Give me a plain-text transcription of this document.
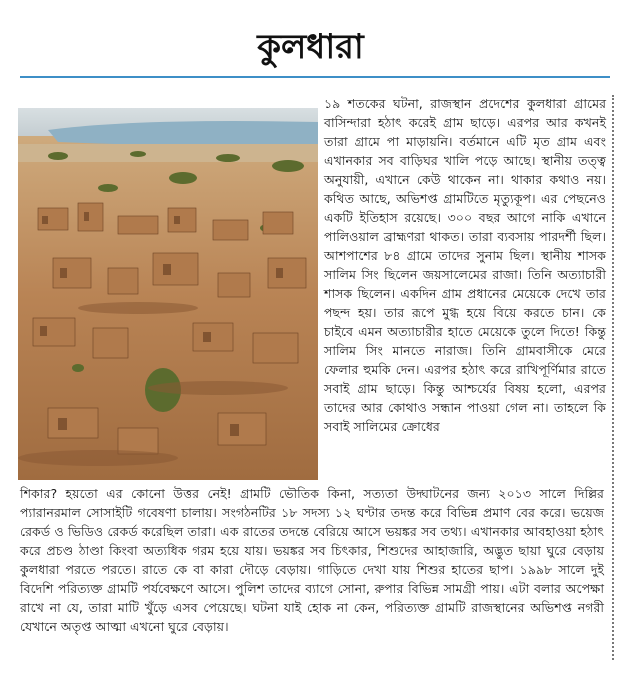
কুলধারা
১৯ শতকের ঘটনা, রাজস্থান প্রদেশের কুলধারা গ্রামের বাসিন্দারা হঠাৎ করেই গ্রাম ছাড়ে। এরপর আর কখনই তারা গ্রামে পা মাড়ায়নি। বর্তমানে এটি মৃত গ্রাম এবং এখানকার সব বাড়িঘর খালি পড়ে আছে। স্থানীয় তত্ত্ব অনুযায়ী, এখানে কেউ থাকেন না। থাকার কথাও নয়। কথিত আছে, অভিশপ্ত গ্রামটিতে মৃত্যুকূপ। এর পেছনেও একটি ইতিহাস রয়েছে। ৩০০ বছর আগে নাকি এখানে পালিওয়াল ব্রাহ্মণরা থাকত। তারা ব্যবসায় পারদর্শী ছিল। আশপাশের ৮৪ গ্রামে তাদের সুনাম ছিল। স্থানীয় শাসক সালিম সিং ছিলেন জয়সালেমের রাজা। তিনি অত্যাচারী শাসক ছিলেন। একদিন গ্রাম প্রধানের মেয়েকে দেখে তার পছন্দ হয়। তার রূপে মুগ্ধ হয়ে বিয়ে করতে চান। কে চাইবে এমন অত্যাচারীর হাতে মেয়েকে তুলে দিতে! কিন্তু সালিম সিং মানতে নারাজ। তিনি গ্রামবাসীকে মেরে ফেলার হুমকি দেন। এরপর হঠাৎ করে রাখিপূর্ণিমার রাতে সবাই গ্রাম ছাড়ে। কিন্তু আশ্চর্যের বিষয় হলো, এরপর তাদের আর কোথাও সন্ধান পাওয়া গেল না। তাহলে কি সবাই সালিমের ক্রোধের
শিকার? হয়তো এর কোনো উত্তর নেই! গ্রামটি ভৌতিক কিনা, সত্যতা উদ্ঘাটনের জন্য ২০১৩ সালে দিল্লির প্যারানরমাল সোসাইটি গবেষণা চালায়। সংগঠনটির ১৮ সদস্য ১২ ঘণ্টার তদন্ত করে বিভিন্ন প্রমাণ বের করে। ভয়েজ রেকর্ড ও ভিডিও রেকর্ড করেছিল তারা। এক রাতের তদন্তে বেরিয়ে আসে ভয়ঙ্কর সব তথ্য। এখানকার আবহাওয়া হঠাৎ করে প্রচণ্ড ঠাণ্ডা কিংবা অত্যধিক গরম হয়ে যায়। ভয়ঙ্কর সব চিৎকার, শিশুদের আহাজারি, অদ্ভুত ছায়া ঘুরে বেড়ায় কুলধারা পরতে পরতে। রাতে কে বা কারা দৌড়ে বেড়ায়। গাড়িতে দেখা যায় শিশুর হাতের ছাপ। ১৯৯৮ সালে দুই বিদেশি পরিত্যক্ত গ্রামটি পর্যবেক্ষণে আসে। পুলিশ তাদের ব্যাগে সোনা, রুপার বিভিন্ন সামগ্রী পায়। এটা বলার অপেক্ষা রাখে না যে, তারা মাটি খুঁড়ে এসব পেয়েছে। ঘটনা যাই হোক না কেন, পরিত্যক্ত গ্রামটি রাজস্থানের অভিশপ্ত নগরী যেখানে অতৃপ্ত আত্মা এখনো ঘুরে বেড়ায়।
